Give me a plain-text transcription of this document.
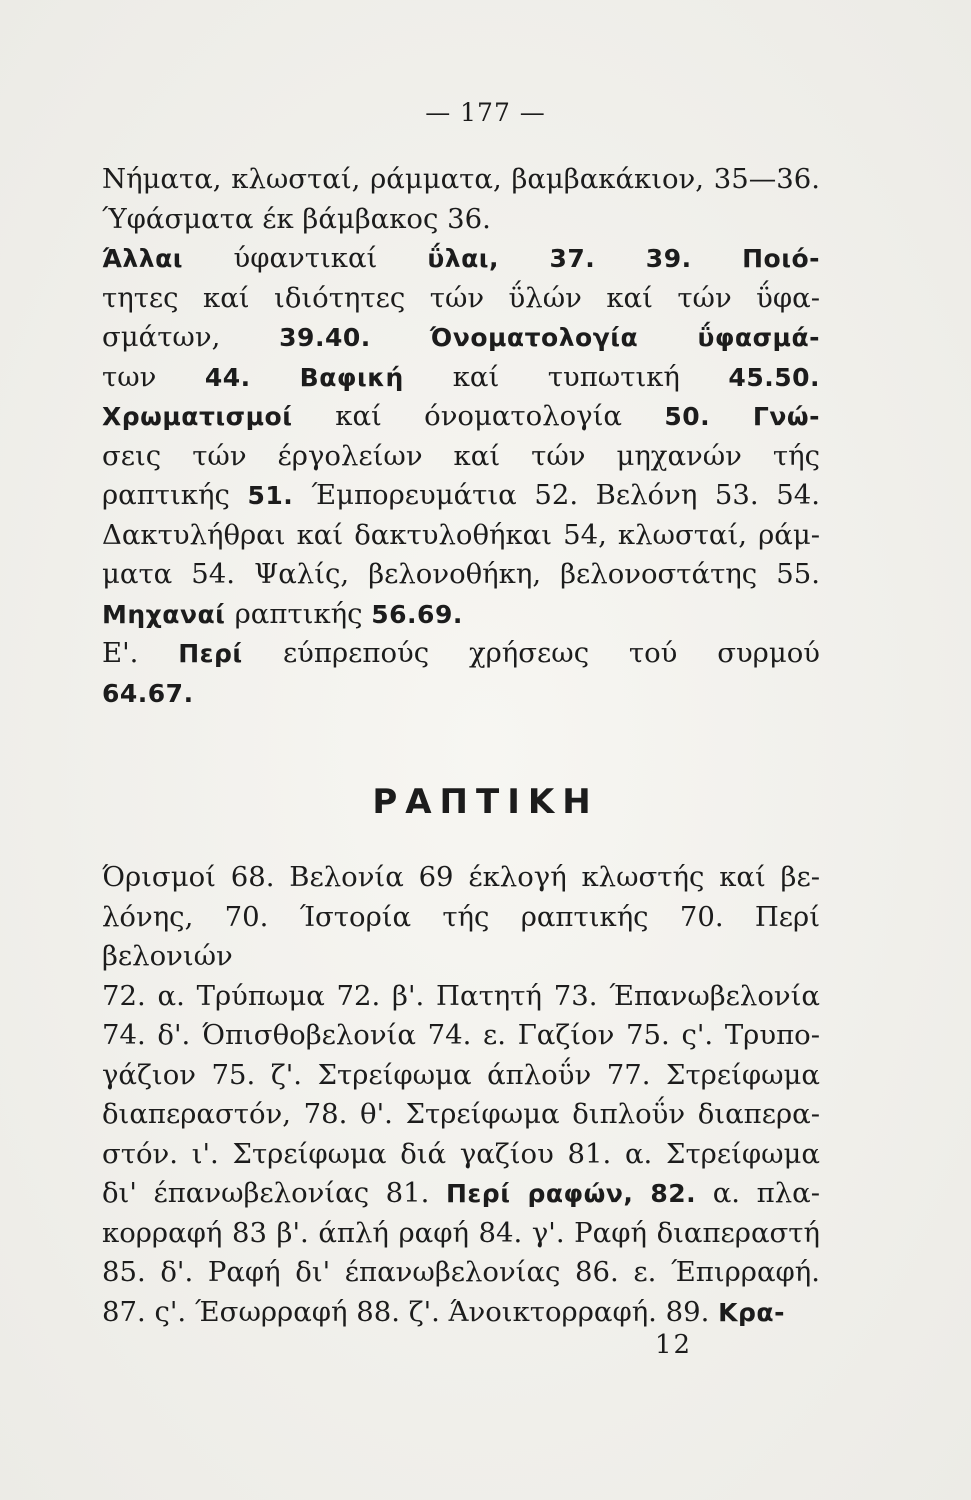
— 177 —
Νήματα, κλωσταί, ράμματα, βαμβακάκιον, 35—36.
Ύφάσματα έκ βάμβακος 36.
Άλλαι ύφαντικαί ΰλαι, 37. 39. Ποιό-
τητες καί ιδιότητες τών ΰλών καί τών ΰφα-
σμάτων, 39.40. Όνοματολογία ΰφασμά-
των 44. Βαφική καί τυπωτική 45.50.
Χρωματισμοί καί όνοματολογία 50. Γνώ-
σεις τών έργολείων καί τών μηχανών τής
ραπτικής 51. Έμπορευμάτια 52. Βελόνη 53. 54.
Δακτυλήθραι καί δακτυλοθήκαι 54, κλωσταί, ράμ-
ματα 54. Ψαλίς, βελονοθήκη, βελονοστάτης 55.
Μηχαναί ραπτικής 56.69.
Ε'. Περί εύπρεπούς χρήσεως τού συρμού
64.67.
ΡΑΠΤΙΚΗ
Όρισμοί 68. Βελονία 69 έκλογή κλωστής καί βε-
λόνης, 70. Ίστορία τής ραπτικής 70. Περί βελονιών
72. α. Τρύπωμα 72. β'. Πατητή 73. Έπανωβελονία
74. δ'. Όπισθοβελονία 74. ε. Γαζίον 75. ς'. Τρυπο-
γάζιον 75. ζ'. Στρείφωμα άπλοΰν 77. Στρείφωμα
διαπεραστόν, 78. θ'. Στρείφωμα διπλοΰν διαπερα-
στόν. ι'. Στρείφωμα διά γαζίου 81. α. Στρείφωμα
δι' έπανωβελονίας 81. Περί ραφών, 82. α. πλα-
κορραφή 83 β'. άπλή ραφή 84. γ'. Ραφή διαπεραστή
85. δ'. Ραφή δι' έπανωβελονίας 86. ε. Έπιρραφή.
87. ς'. Έσωρραφή 88. ζ'. Άνοικτορραφή. 89. Κρα-
12
